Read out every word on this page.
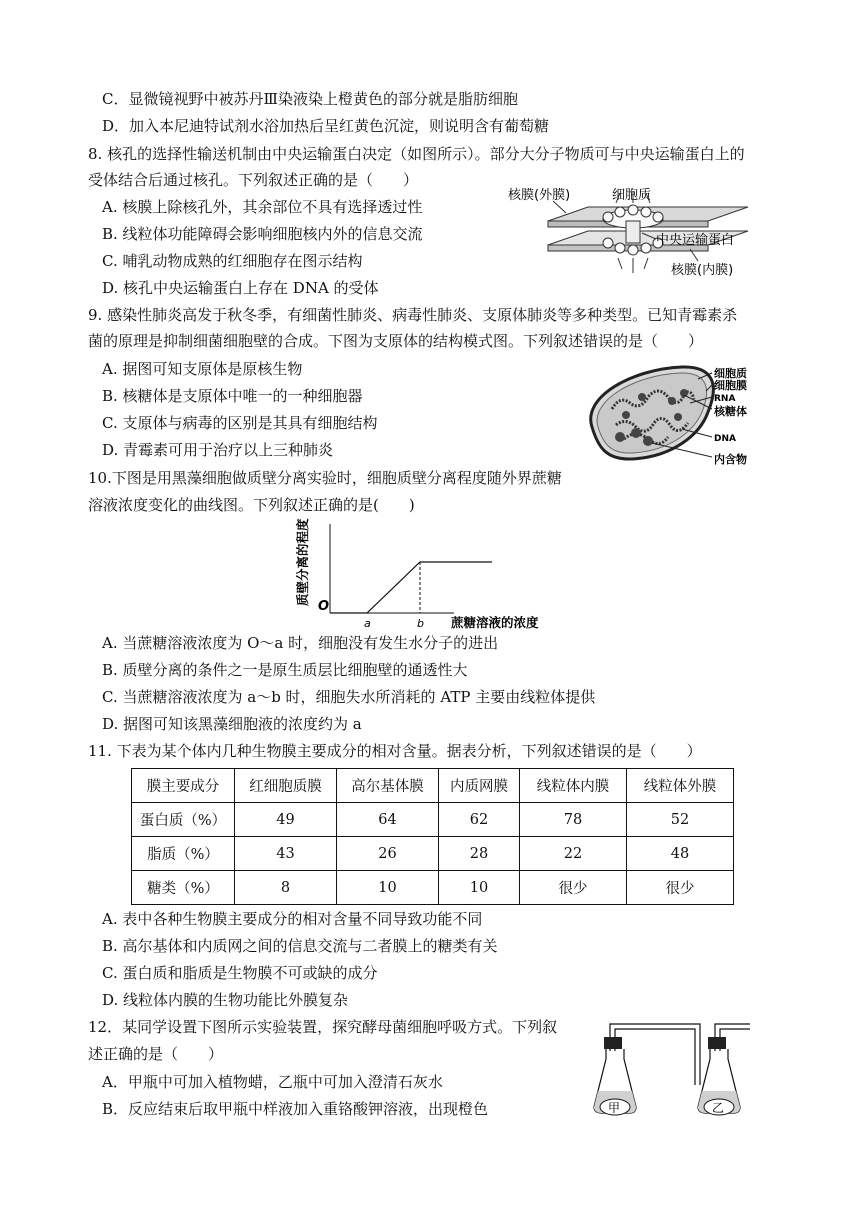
C．显微镜视野中被苏丹Ⅲ染液染上橙黄色的部分就是脂肪细胞
D．加入本尼迪特试剂水浴加热后呈红黄色沉淀，则说明含有葡萄糖
8. 核孔的选择性输送机制由中央运输蛋白决定（如图所示）。部分大分子物质可与中央运输蛋白上的
受体结合后通过核孔。下列叙述正确的是（　　）
A. 核膜上除核孔外，其余部位不具有选择透过性
B. 线粒体功能障碍会影响细胞核内外的信息交流
C. 哺乳动物成熟的红细胞存在图示结构
D. 核孔中央运输蛋白上存在 DNA 的受体
核膜(外膜)	细胞质
中央运输蛋白
核膜(内膜)
9. 感染性肺炎高发于秋冬季，有细菌性肺炎、病毒性肺炎、支原体肺炎等多种类型。已知青霉素杀
菌的原理是抑制细菌细胞壁的合成。下图为支原体的结构模式图。下列叙述错误的是（　　）
A. 据图可知支原体是原核生物
B. 核糖体是支原体中唯一的一种细胞器
C. 支原体与病毒的区别是其具有细胞结构
D. 青霉素可用于治疗以上三种肺炎
细胞质
细胞膜
RNA
核糖体
DNA
内含物
10.下图是用黑藻细胞做质壁分离实验时，细胞质壁分离程度随外界蔗糖
溶液浓度变化的曲线图。下列叙述正确的是(　　)
质壁分离的程度
O
a	b 蔗糖溶液的浓度
A. 当蔗糖溶液浓度为 O～a 时，细胞没有发生水分子的进出
B. 质壁分离的条件之一是原生质层比细胞壁的通透性大
C. 当蔗糖溶液浓度为 a～b 时，细胞失水所消耗的 ATP 主要由线粒体提供
D. 据图可知该黑藻细胞液的浓度约为 a
11. 下表为某个体内几种生物膜主要成分的相对含量。据表分析，下列叙述错误的是（　　）
膜主要成分	红细胞质膜	高尔基体膜	内质网膜	线粒体内膜	线粒体外膜
蛋白质（%）	49	64	62	78	52
脂质（%）	43	26	28	22	48
糖类（%）	8	10	10	很少	很少
A. 表中各种生物膜主要成分的相对含量不同导致功能不同
B. 高尔基体和内质网之间的信息交流与二者膜上的糖类有关
C. 蛋白质和脂质是生物膜不可或缺的成分
D. 线粒体内膜的生物功能比外膜复杂
12．某同学设置下图所示实验装置，探究酵母菌细胞呼吸方式。下列叙
述正确的是（　　）
A．甲瓶中可加入植物蜡，乙瓶中可加入澄清石灰水
B．反应结束后取甲瓶中样液加入重铬酸钾溶液，出现橙色	甲	乙
